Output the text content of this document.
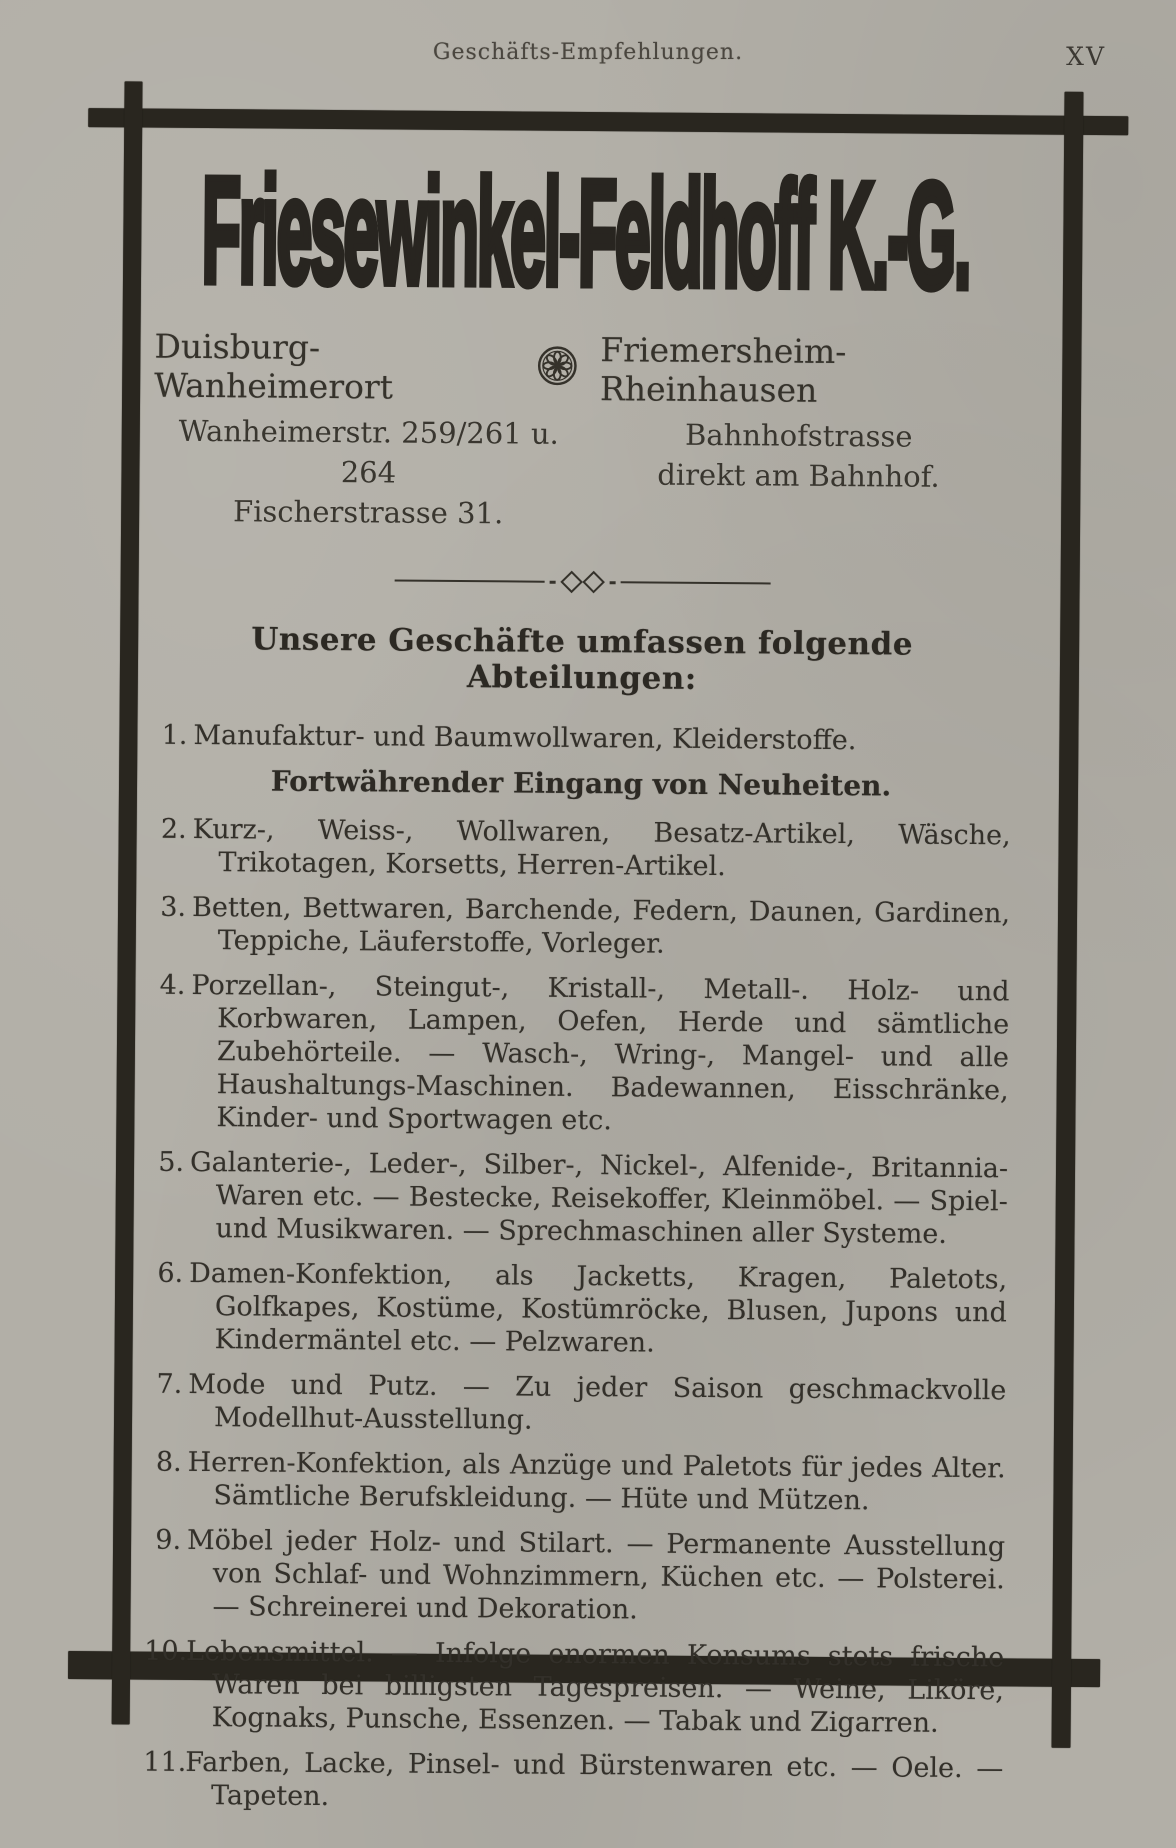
Geschäfts-Empfehlungen.	XV
Friesewinkel-Feldhoff K.-G.
Duisburg-Wanheimerort
Friemersheim-Rheinhausen
Wanheimerstr. 259/261 u. 264
Fischerstrasse 31.
Bahnhofstrasse
direkt am Bahnhof.
Unsere Geschäfte umfassen folgende Abteilungen:
1. Manufaktur- und Baumwollwaren, Kleiderstoffe.
Fortwährender Eingang von Neuheiten.
2. Kurz-, Weiss-, Wollwaren, Besatz-Artikel, Wäsche, Trikotagen, Korsetts, Herren-Artikel.
3. Betten, Bettwaren, Barchende, Federn, Daunen, Gardinen, Teppiche, Läuferstoffe, Vorleger.
4. Porzellan-, Steingut-, Kristall-, Metall-. Holz- und Korbwaren, Lampen, Oefen, Herde und sämtliche Zubehörteile. — Wasch-, Wring-, Mangel- und alle Haushaltungs-Maschinen. Badewannen, Eisschränke, Kinder- und Sportwagen etc.
5. Galanterie-, Leder-, Silber-, Nickel-, Alfenide-, Britannia-Waren etc. — Bestecke, Reisekoffer, Kleinmöbel. — Spiel- und Musikwaren. — Sprechmaschinen aller Systeme.
6. Damen-Konfektion, als Jacketts, Kragen, Paletots, Golfkapes, Kostüme, Kostümröcke, Blusen, Jupons und Kindermäntel etc. — Pelzwaren.
7. Mode und Putz. — Zu jeder Saison geschmackvolle Modellhut-Ausstellung.
8. Herren-Konfektion, als Anzüge und Paletots für jedes Alter. Sämtliche Berufskleidung. — Hüte und Mützen.
9. Möbel jeder Holz- und Stilart. — Permanente Ausstellung von Schlaf- und Wohnzimmern, Küchen etc. — Polsterei. — Schreinerei und Dekoration.
10.Lebensmittel. — Infolge enormen Konsums stets frische Waren bei billigsten Tagespreisen. — Weine, Liköre, Kognaks, Punsche, Essenzen. — Tabak und Zigarren.
11.Farben, Lacke, Pinsel- und Bürstenwaren etc. — Oele. — Tapeten.
